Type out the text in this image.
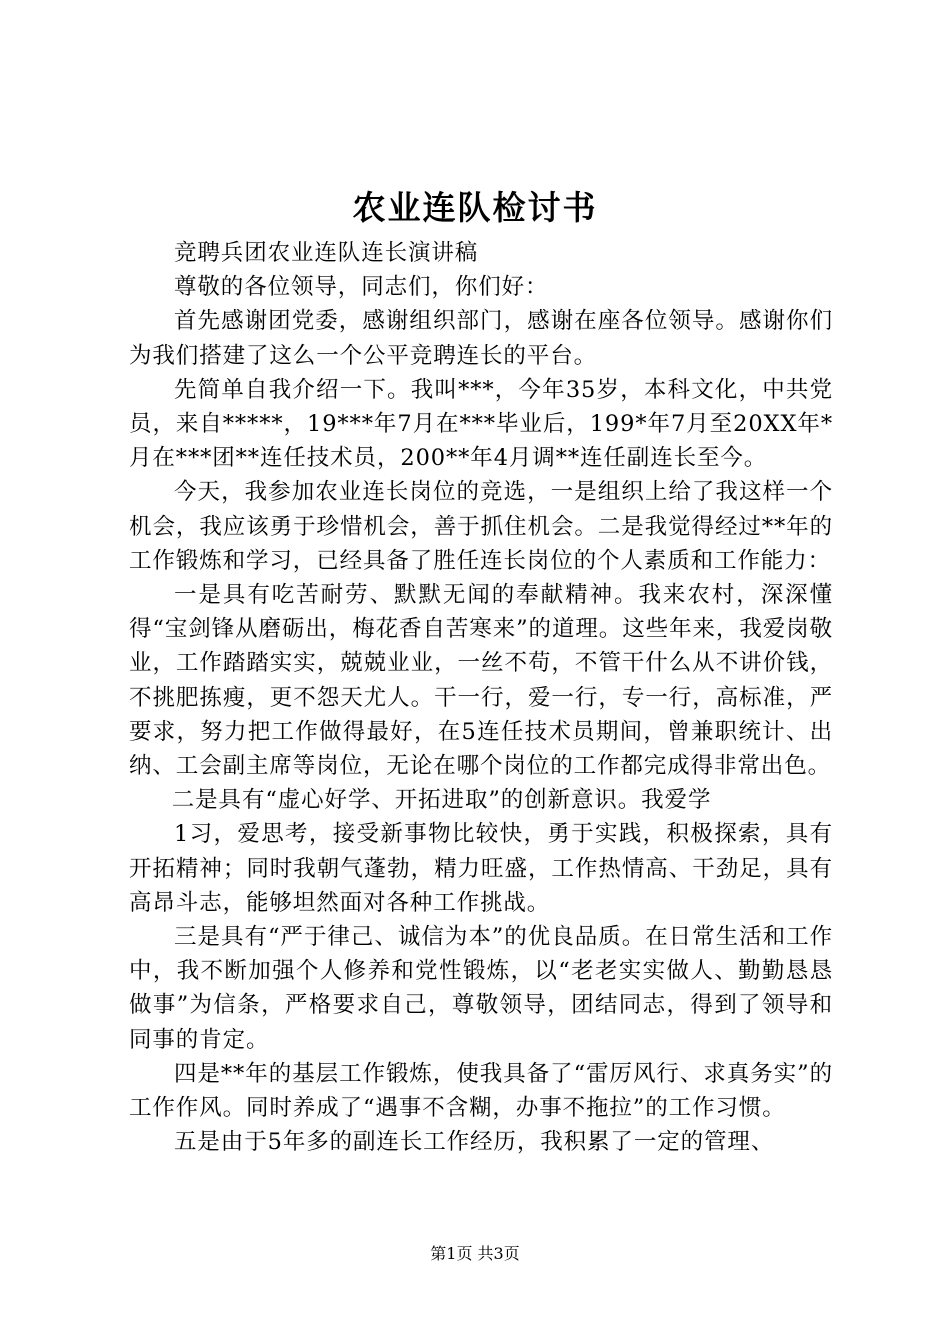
农业连队检讨书

竞聘兵团农业连队连长演讲稿

尊敬的各位领导，同志们，你们好：

首先感谢团党委，感谢组织部门，感谢在座各位领导。感谢你们为我们搭建了这么一个公平竞聘连长的平台。

先简单自我介绍一下。我叫***，今年35岁，本科文化，中共党员，来自*****，19***年7月在***毕业后，199*年7月至20XX年*月在***团**连任技术员，200**年4月调**连任副连长至今。

今天，我参加农业连长岗位的竞选，一是组织上给了我这样一个机会，我应该勇于珍惜机会，善于抓住机会。二是我觉得经过**年的工作锻炼和学习，已经具备了胜任连长岗位的个人素质和工作能力：

一是具有吃苦耐劳、默默无闻的奉献精神。我来农村，深深懂得“宝剑锋从磨砺出，梅花香自苦寒来”的道理。这些年来，我爱岗敬业，工作踏踏实实，兢兢业业，一丝不苟，不管干什么从不讲价钱，不挑肥拣瘦，更不怨天尤人。干一行，爱一行，专一行，高标准，严要求，努力把工作做得最好，在5连任技术员期间，曾兼职统计、出纳、工会副主席等岗位，无论在哪个岗位的工作都完成得非常出色。

二是具有“虚心好学、开拓进取”的创新意识。我爱学

1习，爱思考，接受新事物比较快，勇于实践，积极探索，具有开拓精神；同时我朝气蓬勃，精力旺盛，工作热情高、干劲足，具有高昂斗志，能够坦然面对各种工作挑战。

三是具有“严于律己、诚信为本”的优良品质。在日常生活和工作中，我不断加强个人修养和党性锻炼，以“老老实实做人、勤勤恳恳做事”为信条，严格要求自己，尊敬领导，团结同志，得到了领导和同事的肯定。

四是**年的基层工作锻炼，使我具备了“雷厉风行、求真务实”的工作作风。同时养成了“遇事不含糊，办事不拖拉”的工作习惯。

五是由于5年多的副连长工作经历，我积累了一定的管理、

第1页 共3页
